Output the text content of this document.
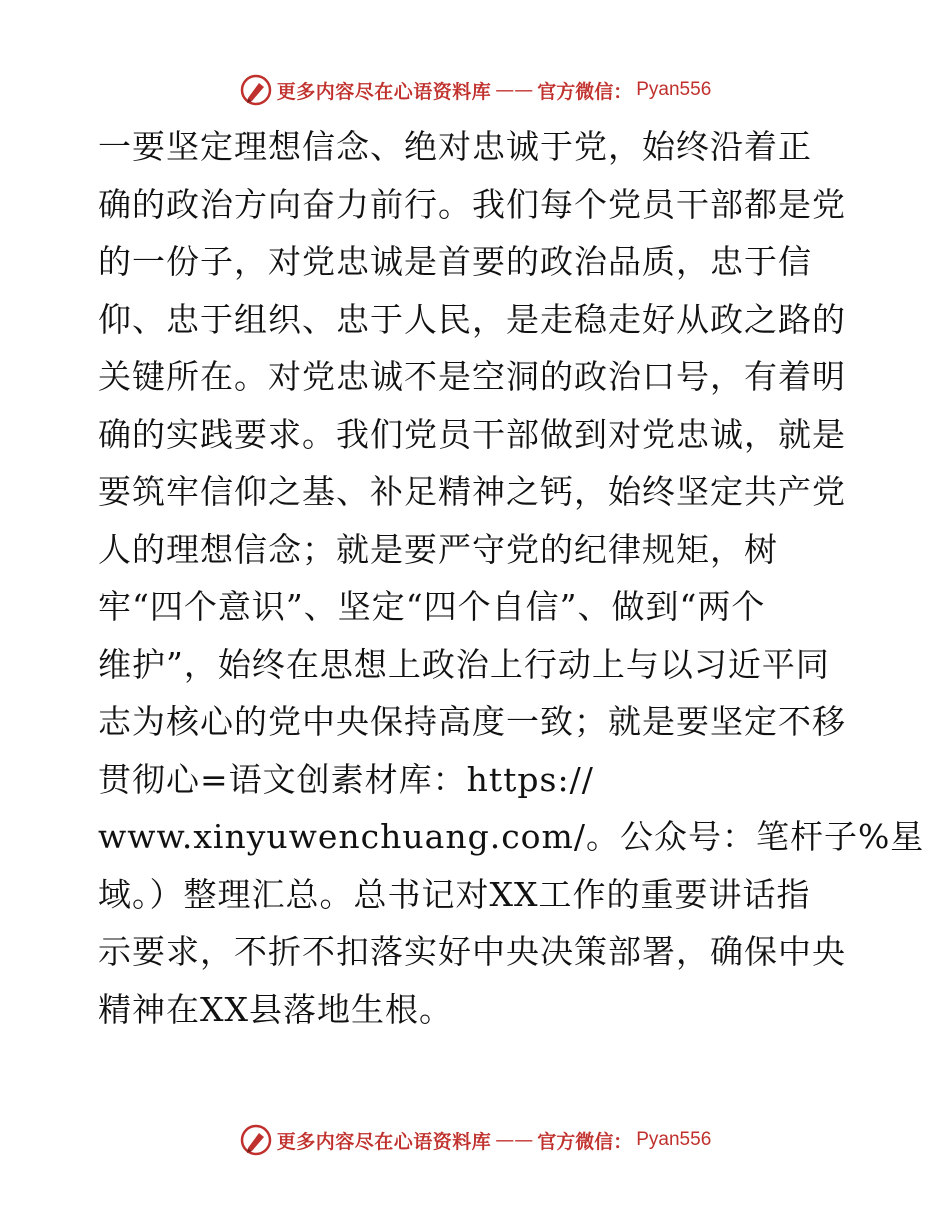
更多内容尽在心语资料库 —— 官方微信： Pyan556
一要坚定理想信念、绝对忠诚于党，始终沿着正
确的政治方向奋力前行。我们每个党员干部都是党
的一份子，对党忠诚是首要的政治品质，忠于信
仰、忠于组织、忠于人民，是走稳走好从政之路的
关键所在。对党忠诚不是空洞的政治口号，有着明
确的实践要求。我们党员干部做到对党忠诚，就是
要筑牢信仰之基、补足精神之钙，始终坚定共产党
人的理想信念；就是要严守党的纪律规矩，树
牢“四个意识”、坚定“四个自信”、做到“两个
维护”，始终在思想上政治上行动上与以习近平同
志为核心的党中央保持高度一致；就是要坚定不移
贯彻心=语文创素材库：https://
www.xinyuwenchuang.com/。公众号：笔杆子%星
域。）整理汇总。总书记对XX工作的重要讲话指
示要求，不折不扣落实好中央决策部署，确保中央
精神在XX县落地生根。
更多内容尽在心语资料库 —— 官方微信： Pyan556
